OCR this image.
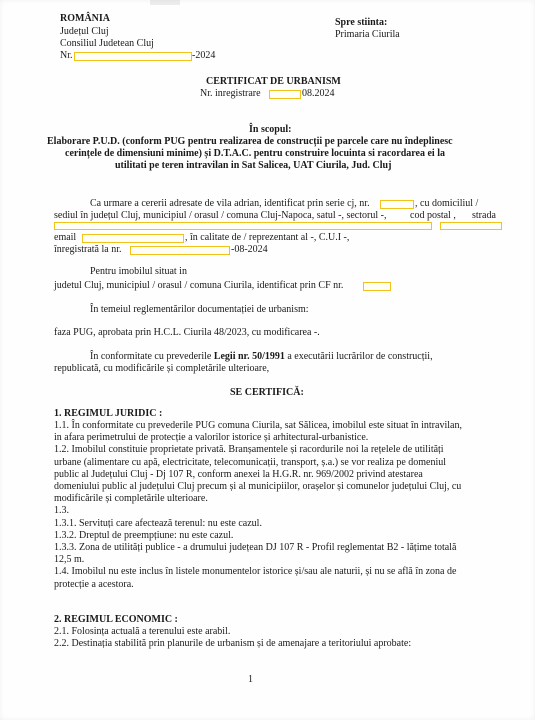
ROMÂNIA
Județul Cluj
Consiliul Judetean Cluj
Nr.	-2024
Spre stiinta:
Primaria Ciurila
CERTIFICAT DE URBANISM
Nr. inregistrare	08.2024
În scopul:
Elaborare P.U.D. (conform PUG pentru realizarea de construcții pe parcele care nu îndeplinesc
cerințele de dimensiuni minime) și D.T.A.C. pentru construire locuinta si racordarea ei la
utilitati pe teren intravilan in Sat Salicea, UAT Ciurila, Jud. Cluj
Ca urmare a cererii adresate de vila adrian, identificat prin serie cj, nr.	, cu domiciliul /
sediul în județul Cluj, municipiul / orasul / comuna Cluj-Napoca, satul -, sectorul -, cod postal , strada
email	, în calitate de / reprezentant al -, C.U.I -,
înregistrată la nr.	-08-2024
Pentru imobilul situat in
judetul Cluj, municipiul / orasul / comuna Ciurila, identificat prin CF nr.
În temeiul reglementărilor documentației de urbanism:
faza PUG, aprobata prin H.C.L. Ciurila 48/2023, cu modificarea -.
În conformitate cu prevederile Legii nr. 50/1991 a executării lucrărilor de construcții,
republicată, cu modificările și completările ulterioare,
SE CERTIFICĂ:
1. REGIMUL JURIDIC :
1.1. În conformitate cu prevederile PUG comuna Ciurila, sat Sălicea, imobilul este situat în intravilan,
in afara perimetrului de protecție a valorilor istorice și arhitectural-urbanistice.
1.2. Imobilul constituie proprietate privată. Branșamentele și racordurile noi la rețelele de utilități
urbane (alimentare cu apă, electricitate, telecomunicații, transport, ș.a.) se vor realiza pe domeniul
public al Județului Cluj - Dj 107 R, conform anexei la H.G.R. nr. 969/2002 privind atestarea
domeniului public al județului Cluj precum și al municipiilor, orașelor și comunelor județului Cluj, cu
modificările și completările ulterioare.
1.3.
1.3.1. Servituți care afectează terenul: nu este cazul.
1.3.2. Dreptul de preempțiune: nu este cazul.
1.3.3. Zona de utilități publice - a drumului județean DJ 107 R - Profil reglementat B2 - lățime totală
12,5 m.
1.4. Imobilul nu este inclus în listele monumentelor istorice și/sau ale naturii, și nu se află în zona de
protecție a acestora.
2. REGIMUL ECONOMIC :
2.1. Folosința actuală a terenului este arabil.
2.2. Destinația stabilită prin planurile de urbanism și de amenajare a teritoriului aprobate:
1
